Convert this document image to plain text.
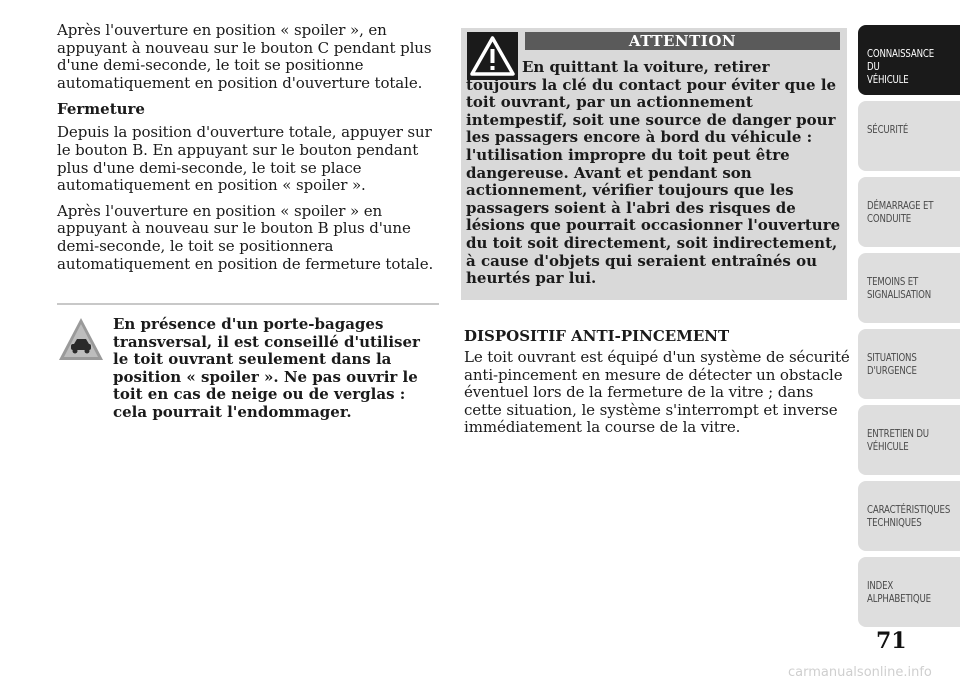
Après l'ouverture en position « spoiler », en appuyant à nouveau sur le bouton C pendant plus d'une demi-seconde, le toit se positionne automatiquement en position d'ouverture totale.

Fermeture

Depuis la position d'ouverture totale, appuyer sur le bouton B. En appuyant sur le bouton pendant plus d'une demi-seconde, le toit se place automatiquement en position « spoiler ».

Après l'ouverture en position « spoiler » en appuyant à nouveau sur le bouton B plus d'une demi-seconde, le toit se positionnera automatiquement en position de fermeture totale.

En présence d'un porte-bagages transversal, il est conseillé d'utiliser le toit ouvrant seulement dans la position « spoiler ». Ne pas ouvrir le toit en cas de neige ou de verglas : cela pourrait l'endommager.

ATTENTION

En quittant la voiture, retirer toujours la clé du contact pour éviter que le toit ouvrant, par un actionnement intempestif, soit une source de danger pour les passagers encore à bord du véhicule : l'utilisation impropre du toit peut être dangereuse. Avant et pendant son actionnement, vérifier toujours que les passagers soient à l'abri des risques de lésions que pourrait occasionner l'ouverture du toit soit directement, soit indirectement, à cause d'objets qui seraient entraînés ou heurtés par lui.

DISPOSITIF ANTI-PINCEMENT

Le toit ouvrant est équipé d'un système de sécurité anti-pincement en mesure de détecter un obstacle éventuel lors de la fermeture de la vitre ; dans cette situation, le système s'interrompt et inverse immédiatement la course de la vitre.

CONNAISSANCE DU
VÉHICULE
SÉCURITÉ

DÉMARRAGE ET
CONDUITE
TEMOINS ET
SIGNALISATION
SITUATIONS
D'URGENCE
ENTRETIEN DU
VÉHICULE
CARACTÉRISTIQUES
TECHNIQUES
INDEX
ALPHABETIQUE
71
carmanualsonline.info
